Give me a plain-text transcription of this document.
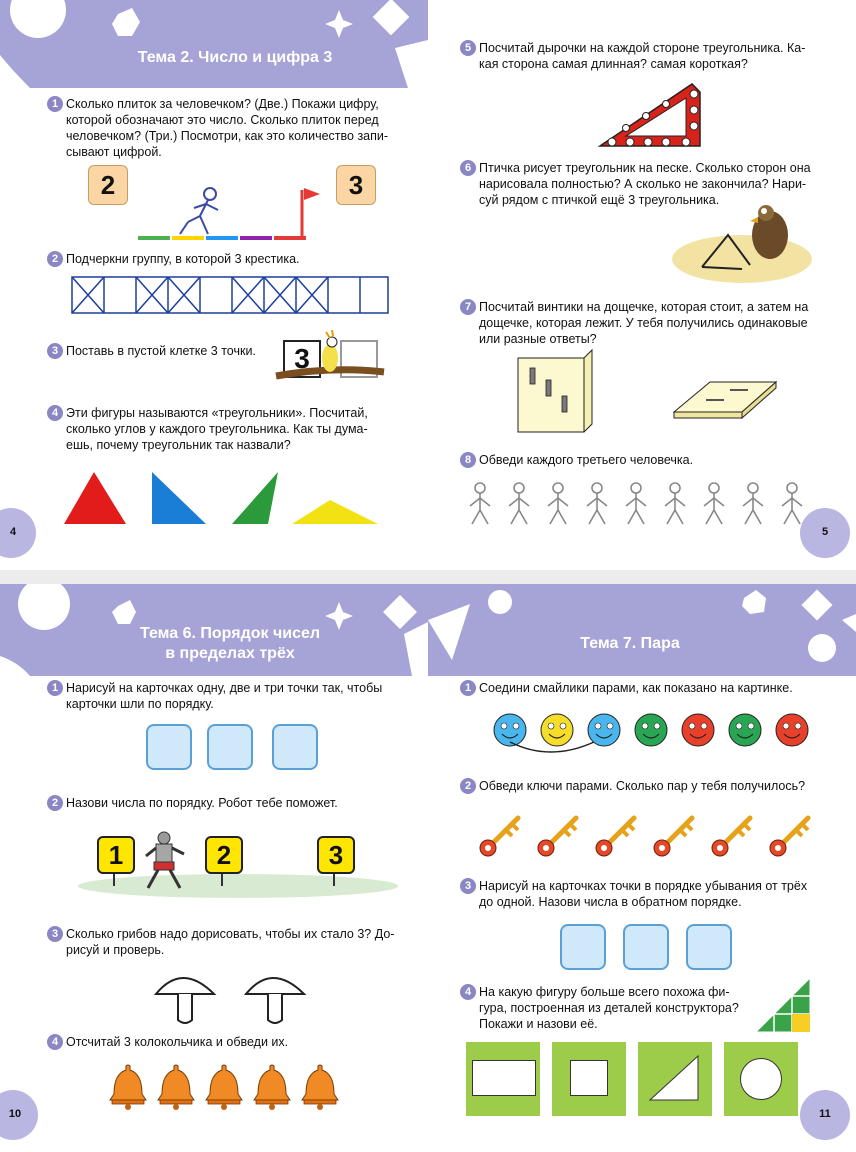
Тема 2. Число и цифра 3
1 Сколько плиток за человечком? (Две.) Покажи цифру,
которой обозначают это число. Сколько плиток перед
человечком? (Три.) Посмотри, как это количество запи-
сывают цифрой.
2	3
2 Подчеркни группу, в которой 3 крестика.
3 Поставь в пустой клетке 3 точки.	3
4 Эти фигуры называются «треугольники». Посчитай,
сколько углов у каждого треугольника. Как ты дума-
ешь, почему треугольник так назвали?
4
5 Посчитай дырочки на каждой стороне треугольника. Ка-
кая сторона самая длинная? самая короткая?
6 Птичка рисует треугольник на песке. Сколько сторон она
нарисовала полностью? А сколько не закончила? Нари-
суй рядом с птичкой ещё 3 треугольника.
7 Посчитай винтики на дощечке, которая стоит, а затем на
дощечке, которая лежит. У тебя получились одинаковые
или разные ответы?
8 Обведи каждого третьего человечка.
5
Тема 6. Порядок чисел
в пределах трёх
Тема 7. Пара
1 Нарисуй на карточках одну, две и три точки так, чтобы
карточки шли по порядку.
2 Назови числа по порядку. Робот тебе поможет.
1	2	3
3 Сколько грибов надо дорисовать, чтобы их стало 3? До-
рисуй и проверь.
4 Отсчитай 3 колокольчика и обведи их.
10
1 Соедини смайлики парами, как показано на картинке.
2 Обведи ключи парами. Сколько пар у тебя получилось?
3 Нарисуй на карточках точки в порядке убывания от трёх
до одной. Назови числа в обратном порядке.
4 На какую фигуру больше всего похожа фи-
гура, построенная из деталей конструктора?
Покажи и назови её.
11
